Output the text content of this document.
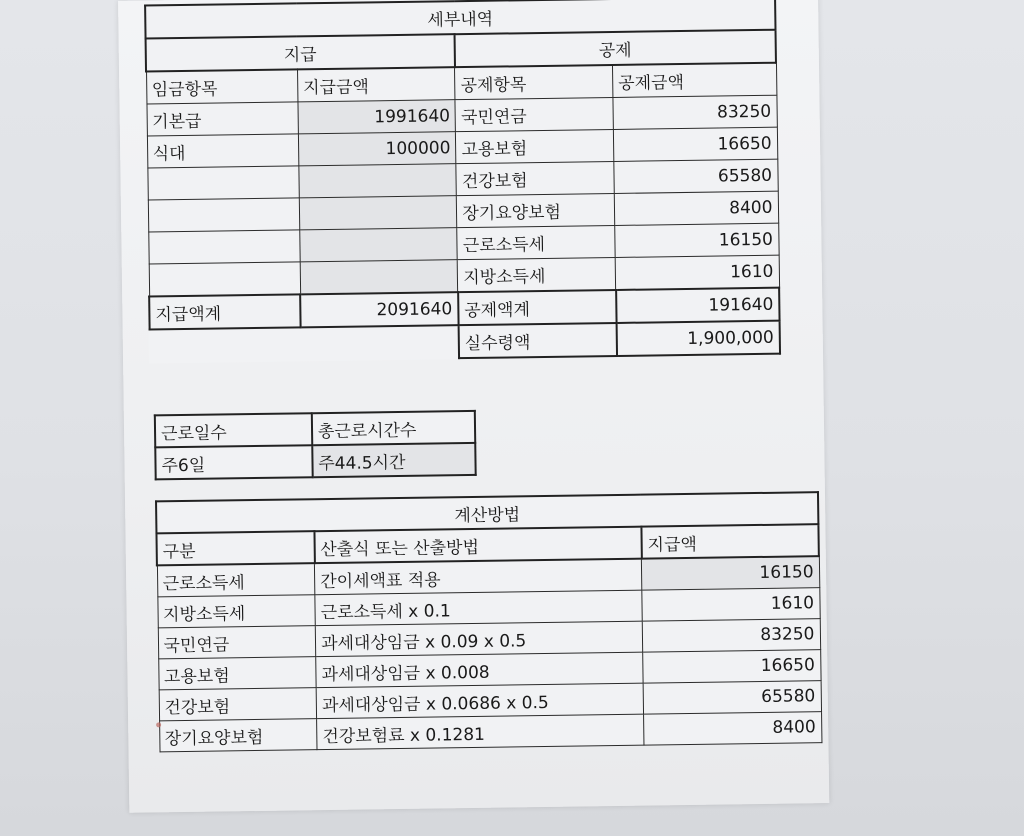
세부내역			
지급		공제	
임금항목	지급금액	공제항목	공제금액
기본급	1991640	국민연금	83250
식대	100000	고용보험	16650
		건강보험	65580
		장기요양보험	8400
		근로소득세	16150
		지방소득세	1610
지급액계	2091640	공제액계	191640
		실수령액	1,900,000
근로일수	총근로시간수
주6일	주44.5시간
계산방법		
구분	산출식 또는 산출방법	지급액
근로소득세	간이세액표 적용	16150
지방소득세	근로소득세 x 0.1	1610
국민연금	과세대상임금 x 0.09 x 0.5	83250
고용보험	과세대상임금 x 0.008	16650
건강보험	과세대상임금 x 0.0686 x 0.5	65580
장기요양보험	건강보험료 x 0.1281	8400
